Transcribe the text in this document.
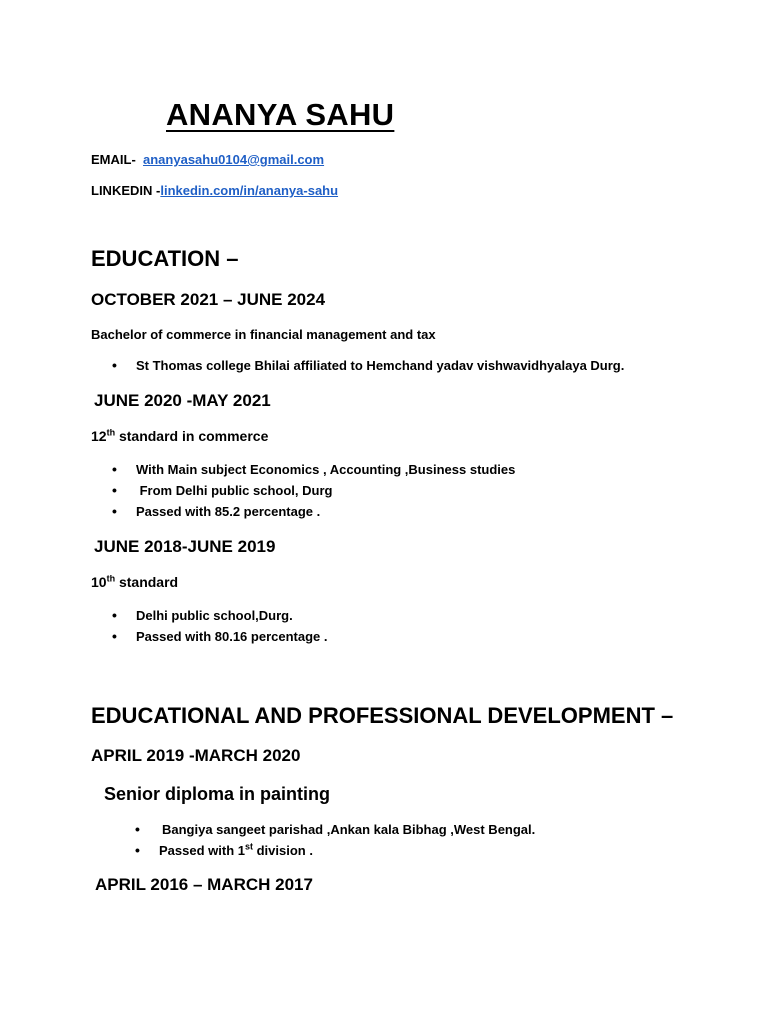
ANANYA SAHU
EMAIL- ananyasahu0104@gmail.com
LINKEDIN -linkedin.com/in/ananya-sahu
EDUCATION –
OCTOBER 2021 – JUNE 2024
Bachelor of commerce in financial management and tax
• St Thomas college Bhilai affiliated to Hemchand yadav vishwavidhyalaya Durg.
JUNE 2020 -MAY 2021
12th standard in commerce
• With Main subject Economics , Accounting ,Business studies
•  From Delhi public school, Durg
• Passed with 85.2 percentage .
JUNE 2018-JUNE 2019
10th standard
• Delhi public school,Durg.
• Passed with 80.16 percentage .
EDUCATIONAL AND PROFESSIONAL DEVELOPMENT –
APRIL 2019 -MARCH 2020
Senior diploma in painting
• Bangiya sangeet parishad ,Ankan kala Bibhag ,West Bengal.
• Passed with 1st division .
APRIL 2016 – MARCH 2017
